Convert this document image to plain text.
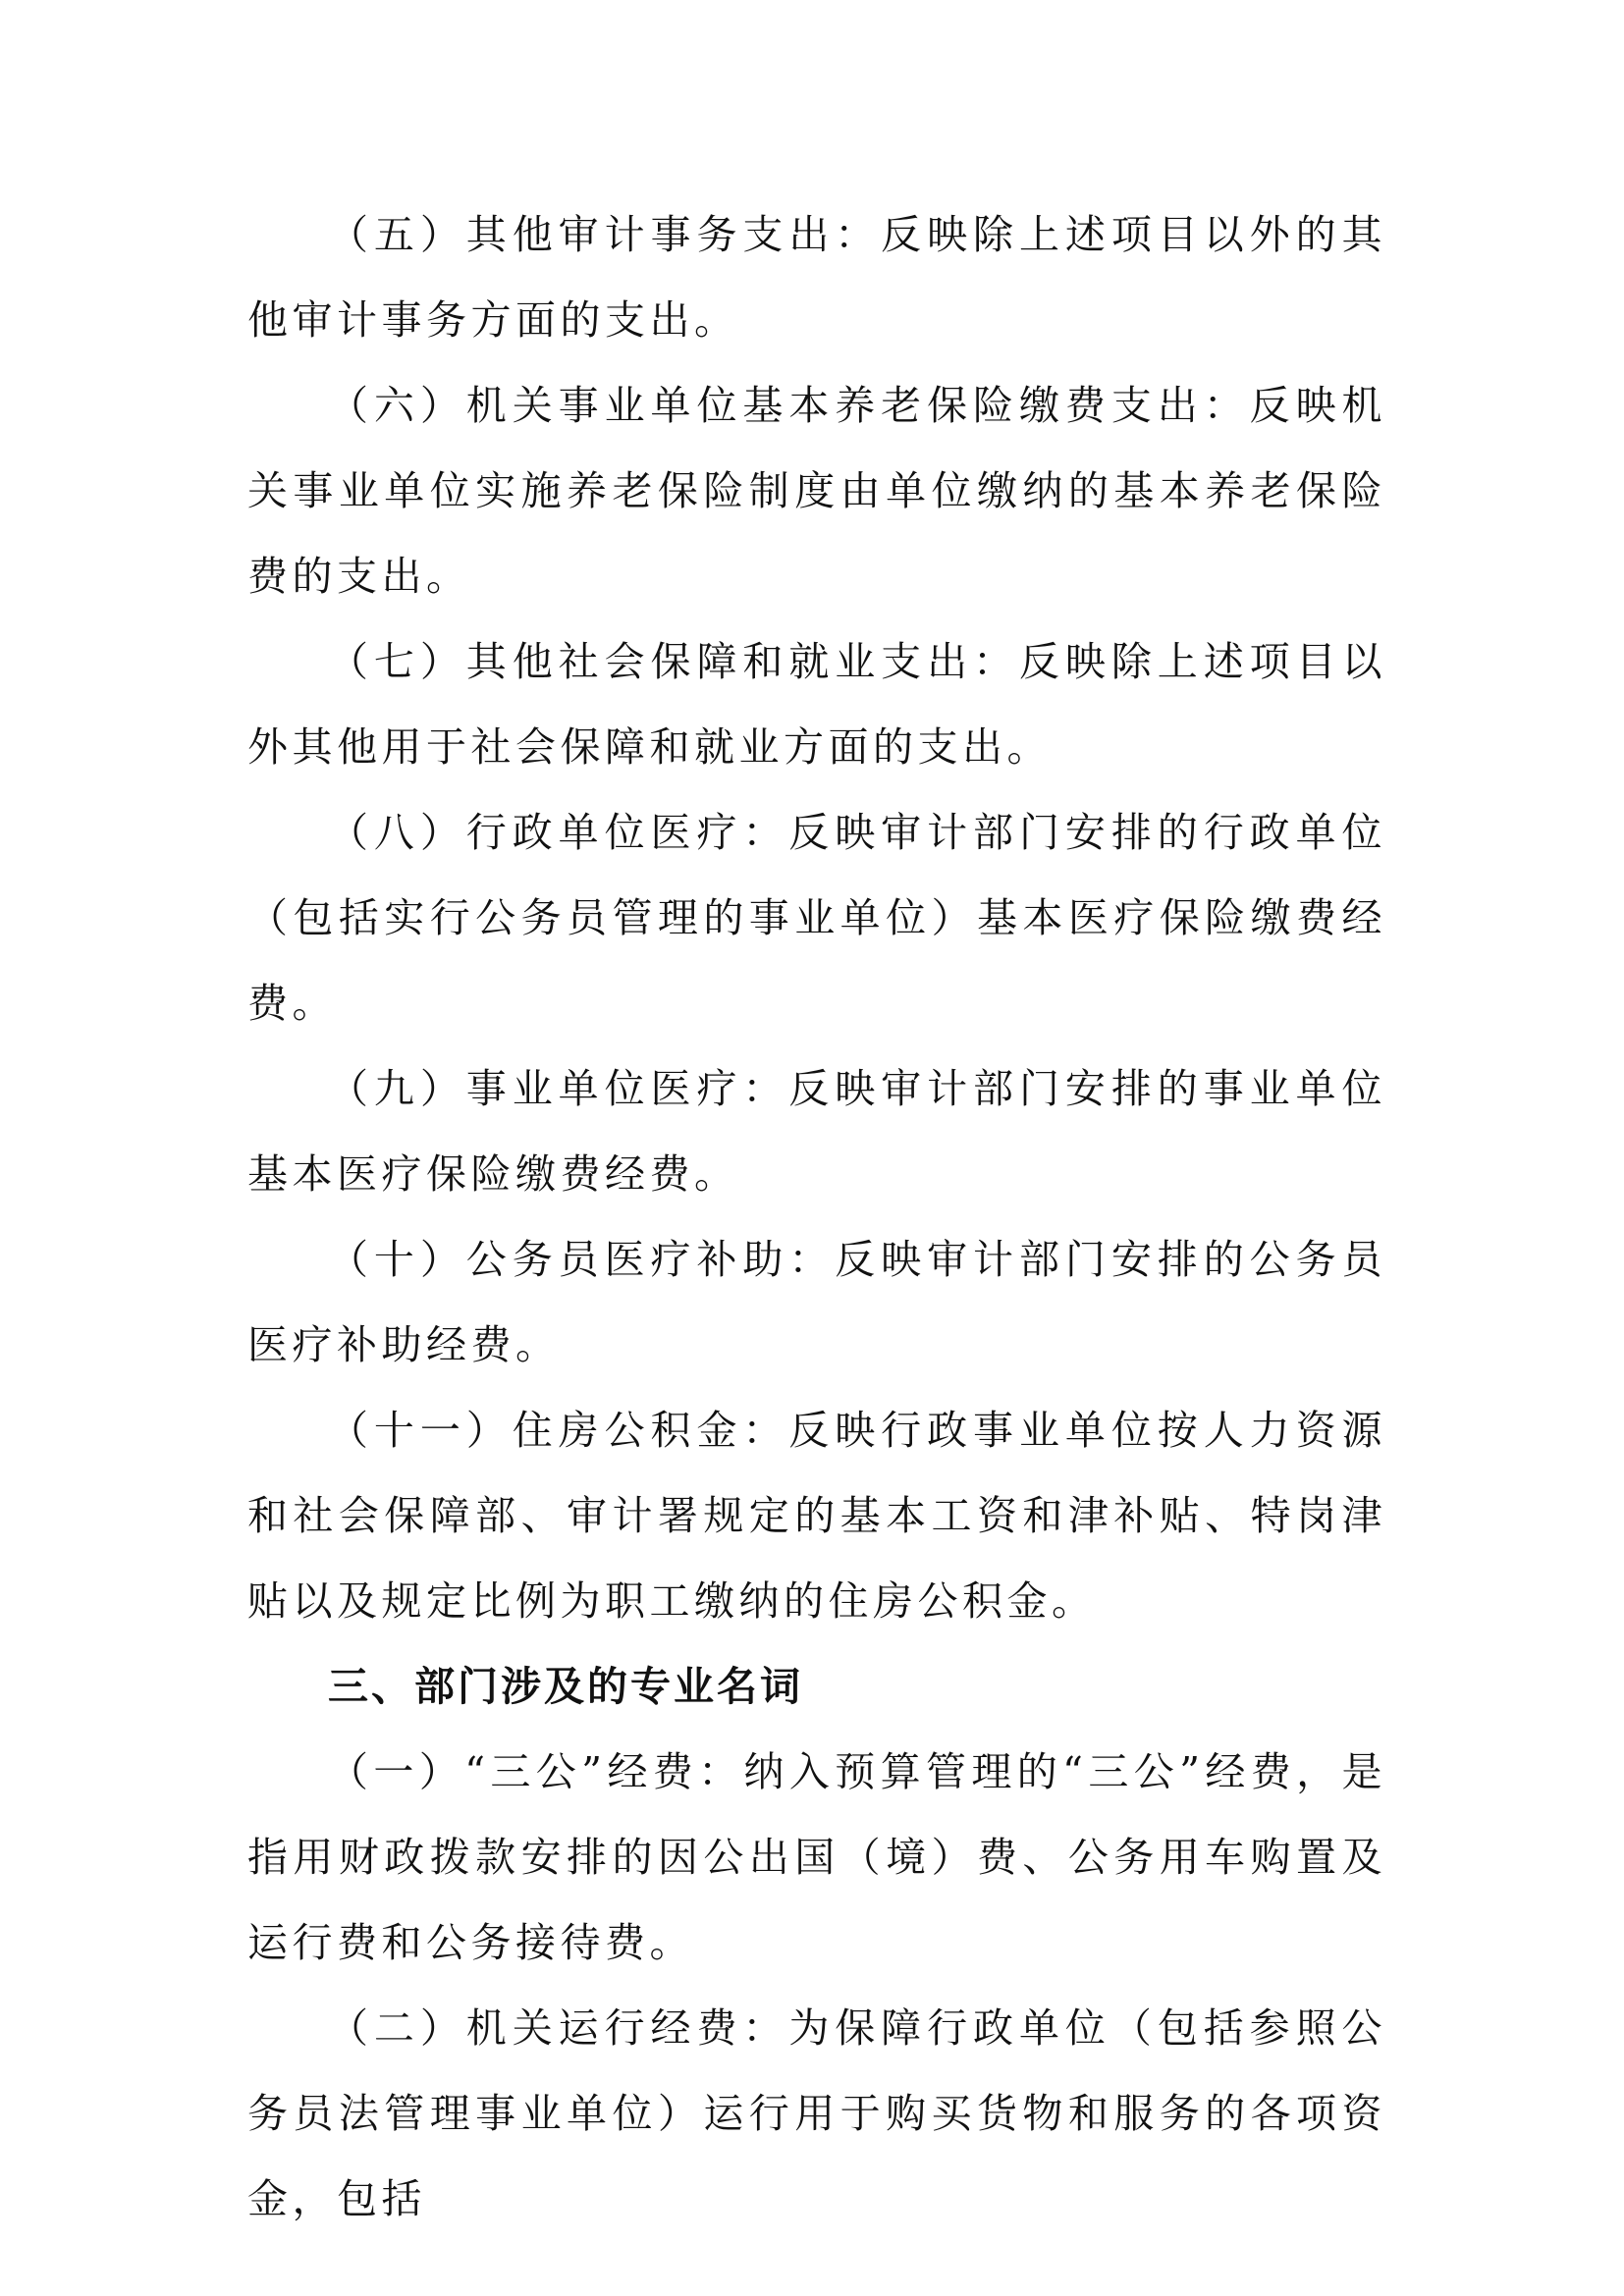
（五）其他审计事务支出：反映除上述项目以外的其他审计事务方面的支出。

（六）机关事业单位基本养老保险缴费支出：反映机关事业单位实施养老保险制度由单位缴纳的基本养老保险费的支出。

（七）其他社会保障和就业支出：反映除上述项目以外其他用于社会保障和就业方面的支出。

（八）行政单位医疗：反映审计部门安排的行政单位（包括实行公务员管理的事业单位）基本医疗保险缴费经费。

（九）事业单位医疗：反映审计部门安排的事业单位基本医疗保险缴费经费。

（十）公务员医疗补助：反映审计部门安排的公务员医疗补助经费。

（十一）住房公积金：反映行政事业单位按人力资源和社会保障部、审计署规定的基本工资和津补贴、特岗津贴以及规定比例为职工缴纳的住房公积金。

三、部门涉及的专业名词

（一）“三公”经费：纳入预算管理的“三公”经费，是指用财政拨款安排的因公出国（境）费、公务用车购置及运行费和公务接待费。

（二）机关运行经费：为保障行政单位（包括参照公务员法管理事业单位）运行用于购买货物和服务的各项资金，包括
